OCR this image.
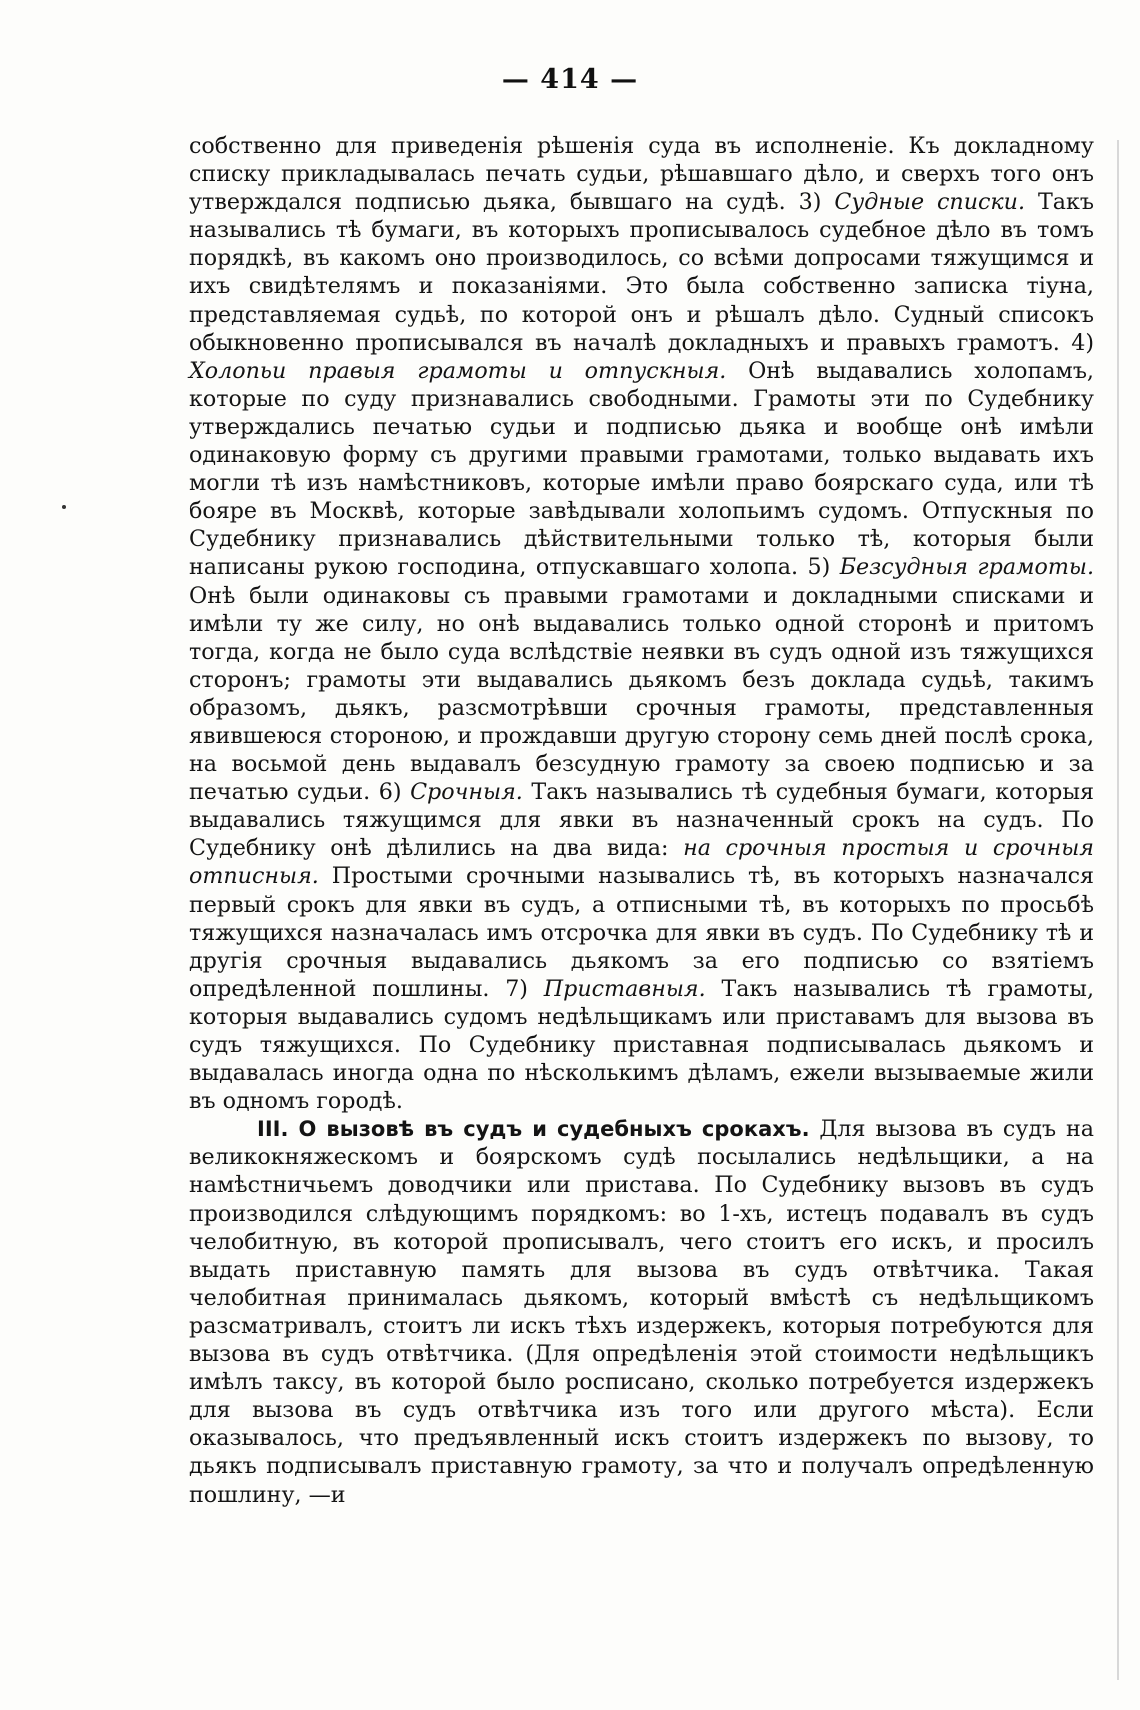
— 414 —

собственно для приведенія рѣшенія суда въ исполненіе. Къ докладному списку прикладывалась печать судьи, рѣшавшаго дѣло, и сверхъ того онъ утверждался подписью дьяка, бывшаго на судѣ. 3) Судные списки. Такъ назывались тѣ бумаги, въ которыхъ прописывалось судебное дѣло въ томъ порядкѣ, въ какомъ оно производилось, со всѣми допросами тяжущимся и ихъ свидѣтелямъ и показаніями. Это была собственно записка тіуна, представляемая судьѣ, по которой онъ и рѣшалъ дѣло. Судный списокъ обыкновенно прописывался въ началѣ докладныхъ и правыхъ грамотъ. 4) Холопьи правыя грамоты и отпускныя. Онѣ выдавались холопамъ, которые по суду признавались свободными. Грамоты эти по Судебнику утверждались печатью судьи и подписью дьяка и вообще онѣ имѣли одинаковую форму съ другими правыми грамотами, только выдавать ихъ могли тѣ изъ намѣстниковъ, которые имѣли право боярскаго суда, или тѣ бояре въ Москвѣ, которые завѣдывали холопьимъ судомъ. Отпускныя по Судебнику признавались дѣйствительными только тѣ, которыя были написаны рукою господина, отпускавшаго холопа. 5) Безсудныя грамоты. Онѣ были одинаковы съ правыми грамотами и докладными списками и имѣли ту же силу, но онѣ выдавались только одной сторонѣ и притомъ тогда, когда не было суда вслѣдствіе неявки въ судъ одной изъ тяжущихся сторонъ; грамоты эти выдавались дьякомъ безъ доклада судьѣ, такимъ образомъ, дьякъ, разсмотрѣвши срочныя грамоты, представленныя явившеюся стороною, и прождавши другую сторону семь дней послѣ срока, на восьмой день выдавалъ безсудную грамоту за своею подписью и за печатью судьи. 6) Срочныя. Такъ назывались тѣ судебныя бумаги, которыя выдавались тяжущимся для явки въ назначенный срокъ на судъ. По Судебнику онѣ дѣлились на два вида: на срочныя простыя и срочныя отписныя. Простыми срочными назывались тѣ, въ которыхъ назначался первый срокъ для явки въ судъ, а отписными тѣ, въ которыхъ по просьбѣ тяжущихся назначалась имъ отсрочка для явки въ судъ. По Судебнику тѣ и другія срочныя выдавались дьякомъ за его подписью со взятіемъ опредѣленной пошлины. 7) Приставныя. Такъ назывались тѣ грамоты, которыя выдавались судомъ недѣльщикамъ или приставамъ для вызова въ судъ тяжущихся. По Судебнику приставная подписывалась дьякомъ и выдавалась иногда одна по нѣсколькимъ дѣламъ, ежели вызываемые жили въ одномъ городѣ.

III. О вызовѣ въ судъ и судебныхъ срокахъ. Для вызова въ судъ на великокняжескомъ и боярскомъ судѣ посылались недѣльщики, а на намѣстничьемъ доводчики или пристава. По Судебнику вызовъ въ судъ производился слѣдующимъ порядкомъ: во 1-хъ, истецъ подавалъ въ судъ челобитную, въ которой прописывалъ, чего стоитъ его искъ, и просилъ выдать приставную память для вызова въ судъ отвѣтчика. Такая челобитная принималась дьякомъ, который вмѣстѣ съ недѣльщикомъ разсматривалъ, стоитъ ли искъ тѣхъ издержекъ, которыя потребуются для вызова въ судъ отвѣтчика. (Для опредѣленія этой стоимости недѣльщикъ имѣлъ таксу, въ которой было росписано, сколько потребуется издержекъ для вызова въ судъ отвѣтчика изъ того или другого мѣста). Если оказывалось, что предъявленный искъ стоитъ издержекъ по вызову, то дьякъ подписывалъ приставную грамоту, за что и получалъ опредѣленную пошлину, —и
